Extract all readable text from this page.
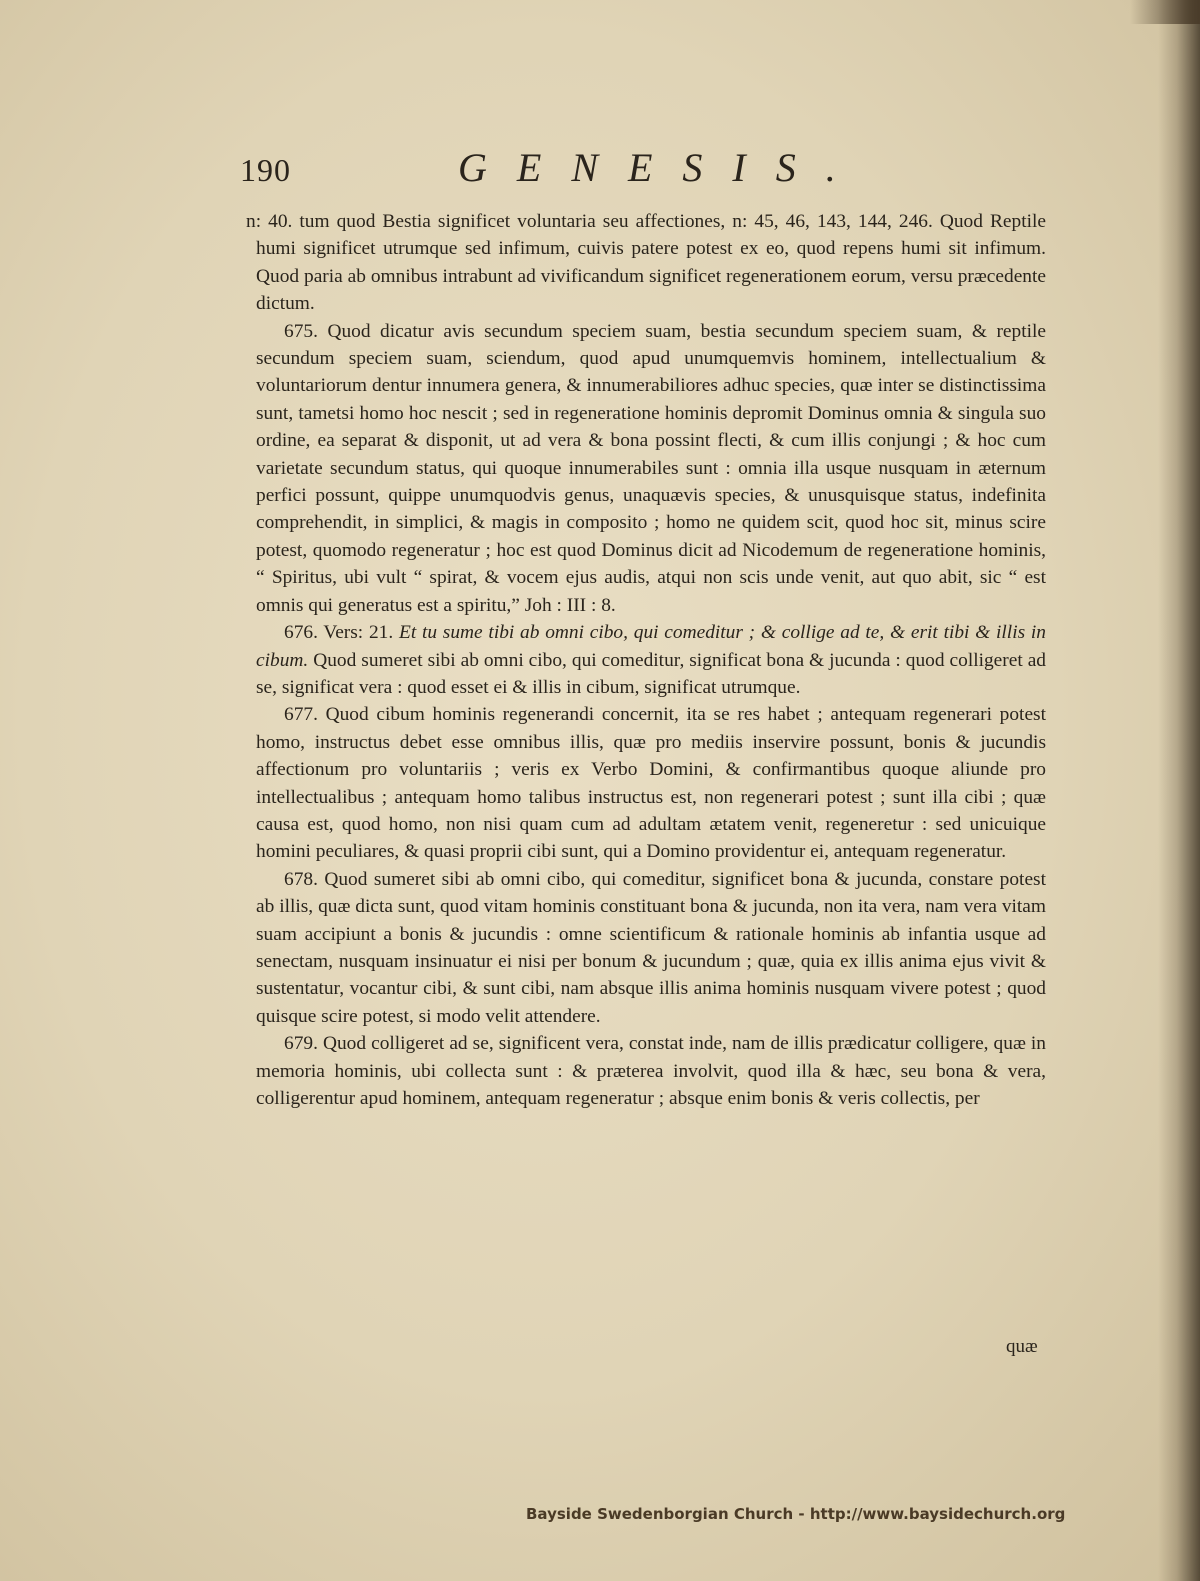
190	GENESIS.

n: 40. tum quod Bestia significet voluntaria seu affectiones, n: 45, 46, 143, 144, 246. Quod Reptile humi significet utrumque sed infimum, cuivis patere potest ex eo, quod repens humi sit infimum. Quod paria ab omnibus intrabunt ad vivificandum significet regenerationem eorum, versu præcedente dictum.

675. Quod dicatur avis secundum speciem suam, bestia secundum speciem suam, & reptile secundum speciem suam, sciendum, quod apud unumquemvis hominem, intellectualium & voluntariorum dentur innumera genera, & innumerabiliores adhuc species, quæ inter se distinctissima sunt, tametsi homo hoc nescit ; sed in regeneratione hominis depromit Dominus omnia & singula suo ordine, ea separat & disponit, ut ad vera & bona possint flecti, & cum illis conjungi ; & hoc cum varietate secundum status, qui quoque innumerabiles sunt : omnia illa usque nusquam in æternum perfici possunt, quippe unumquodvis genus, unaquævis species, & unusquisque status, indefinita comprehendit, in simplici, & magis in composito ; homo ne quidem scit, quod hoc sit, minus scire potest, quomodo regeneratur ; hoc est quod Dominus dicit ad Nicodemum de regeneratione hominis, “ Spiritus, ubi vult “ spirat, & vocem ejus audis, atqui non scis unde venit, aut quo abit, sic “ est omnis qui generatus est a spiritu,” Joh : III : 8.

676. Vers: 21. Et tu sume tibi ab omni cibo, qui comeditur ; & collige ad te, & erit tibi & illis in cibum. Quod sumeret sibi ab omni cibo, qui comeditur, significat bona & jucunda : quod colligeret ad se, significat vera : quod esset ei & illis in cibum, significat utrumque.

677. Quod cibum hominis regenerandi concernit, ita se res habet ; antequam regenerari potest homo, instructus debet esse omnibus illis, quæ pro mediis inservire possunt, bonis & jucundis affectionum pro voluntariis ; veris ex Verbo Domini, & confirmantibus quoque aliunde pro intellectualibus ; antequam homo talibus instructus est, non regenerari potest ; sunt illa cibi ; quæ causa est, quod homo, non nisi quam cum ad adultam ætatem venit, regeneretur : sed unicuique homini peculiares, & quasi proprii cibi sunt, qui a Domino providentur ei, antequam regeneratur.

678. Quod sumeret sibi ab omni cibo, qui comeditur, significet bona & jucunda, constare potest ab illis, quæ dicta sunt, quod vitam hominis constituant bona & jucunda, non ita vera, nam vera vitam suam accipiunt a bonis & jucundis : omne scientificum & rationale hominis ab infantia usque ad senectam, nusquam insinuatur ei nisi per bonum & jucundum ; quæ, quia ex illis anima ejus vivit & sustentatur, vocantur cibi, & sunt cibi, nam absque illis anima hominis nusquam vivere potest ; quod quisque scire potest, si modo velit attendere.

679. Quod colligeret ad se, significent vera, constat inde, nam de illis prædicatur colligere, quæ in memoria hominis, ubi collecta sunt : & præterea involvit, quod illa & hæc, seu bona & vera, colligerentur apud hominem, antequam regeneratur ; absque enim bonis & veris collectis, per

quæ
Bayside Swedenborgian Church - http://www.baysidechurch.org
